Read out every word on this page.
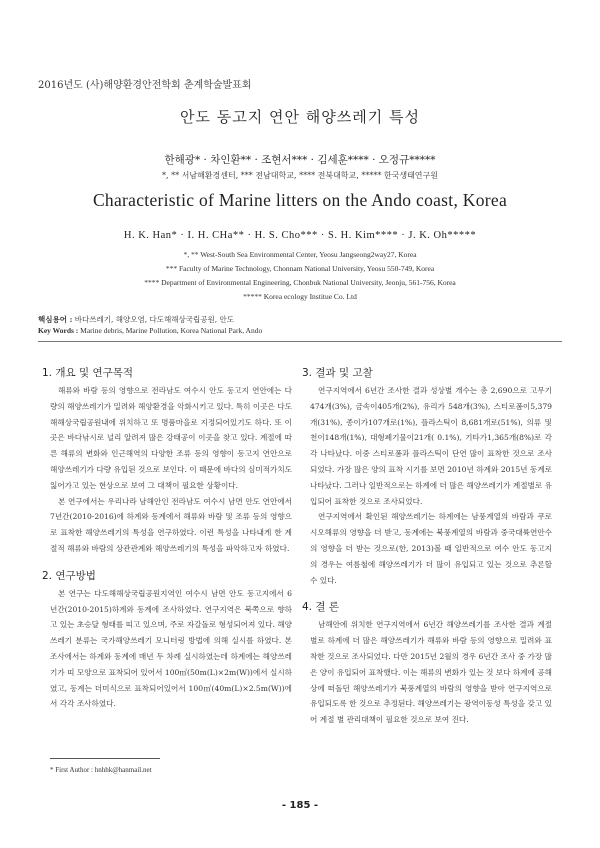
2016년도 (사)해양환경안전학회 춘계학술발표회
안도 동고지 연안 해양쓰레기 특성
한해광* · 차인환** · 조현서*** · 김세훈**** · 오정규*****
*, ** 서남해환경센터, *** 전남대학교, **** 전북대학교, ***** 한국생태연구원
Characteristic of Marine litters on the Ando coast, Korea
H. K. Han* · I. H. CHa** · H. S. Cho*** · S. H. Kim**** · J. K. Oh*****
*, ** West-South Sea Environmental Center, Yeosu Jangseong2way27, Korea
*** Faculty of Marine Technology, Chonnam National University, Yeosu 550-749, Korea
**** Department of Environmental Engineering, Chonbuk National University, Jeonju, 561-756, Korea
***** Korea ecology Institue Co. Ltd
핵심용어 : 바다쓰레기, 해양오염, 다도해해상국립공원, 안도
Key Words : Marine debris, Marine Pollution, Korea National Park, Ando
1. 개요 및 연구목적

해류와 바람 등의 영향으로 전라남도 여수시 안도 동고지 연안에는 다량의 해양쓰레기가 밀려와 해양환경을 악화시키고 있다. 특히 이곳은 다도해해상국립공원내에 위치하고 또 명품마을로 지정되어있기도 하다. 또 이곳은 바다낚시로 널리 알려져 많은 강태공이 이곳을 찾고 있다. 계절에 따른 해류의 변화와 인근해역의 다양한 조류 등의 영향이 동고지 연안으로 해양쓰레기가 다량 유입된 것으로 보인다. 이 때문에 바다의 심미적가치도 잃어가고 있는 현상으로 보여 그 대책이 필요한 상황이다.

본 연구에서는 우리나라 남해안인 전라남도 여수시 남면 안도 연안에서 7년간(2010-2016)에 하계와 동계에서 해류와 바람 및 조류 등의 영향으로 표착한 해양쓰레기의 특성을 연구하였다. 이런 특성을 나타내게 한 계절적 해류와 바람의 상관관계와 해양쓰레기의 특성을 파악하고자 하였다.

2. 연구방법

본 연구는 다도해해상국립공원지역인 여수시 남면 안도 동고지에서 6년간(2010-2015)하계와 동계에 조사하였다. 연구지역은 북쪽으로 향하고 있는 초승달 형태를 띠고 있으며, 주로 자갈돌로 형성되어져 있다. 해양쓰레기 분류는 국가해양쓰레기 모니터링 방법에 의해 실시를 하였다. 본 조사에서는 하계와 동계에 매년 두 차례 실시하였는데 하계에는 해양쓰레기가 띠 모양으로 표착되어 있어서 100㎡(50m(L)×2m(W))에서 실시하였고, 동계는 더미식으로 표착되어있어서 100㎡(40m(L)×2.5m(W))에서 각각 조사하였다.

3. 결과 및 고찰

연구지역에서 6년간 조사한 결과 성상별 개수는 총 2,690으로 고무기474개(3%), 금속이405개(2%), 유리가 548개(3%), 스티로폼이5,379개(31%), 종이가107개로(1%), 플라스틱이 8,681개로(51%), 의류 및 천이148개(1%), 대형폐기물이21개( 0.1%), 기타가1,365개(8%)로 각각 나타났다. 이중 스티로폼과 플라스틱이 단연 많이 표착한 것으로 조사되었다. 가장 많은 양의 표착 시기를 보면 2010년 하계와 2015년 동계로 나타났다. 그러나 일반적으로는 하계에 더 많은 해양쓰레기가 계절별로 유입되어 표착한 것으로 조사되었다.

연구지역에서 확인된 해양쓰레기는 하계에는 남풍계열의 바람과 쿠로시오해류의 영향을 더 받고, 동계에는 북풍계열의 바람과 중국대륙연안수의 영향을 더 받는 것으로(한, 2013)볼 때 일반적으로 여수 안도 동고지의 경우는 여름철에 해양쓰레기가 더 많이 유입되고 있는 것으로 추론할 수 있다.

4. 결 론

남해안에 위치한 연구지역에서 6년간 해양쓰레기를 조사한 결과 계절별로 하계에 더 많은 해양쓰레기가 해류와 바람 등의 영향으로 밀려와 표착한 것으로 조사되었다. 다만 2015년 2월의 경우 6년간 조사 중 가장 많은 양이 유입되어 표착했다. 이는 해류의 변화가 있는 것 보다 하계에 공해상에 떠돌던 해양쓰레기가 북풍계열의 바람의 영향을 받아 연구지역으로 유입되도록 한 것으로 추정된다. 해양쓰레기는 광역이동성 특성을 갖고 있어 계절 별 관리대책이 필요한 것으로 보여 진다.

* First Author : hnhhk@hanmail.net
- 185 -
